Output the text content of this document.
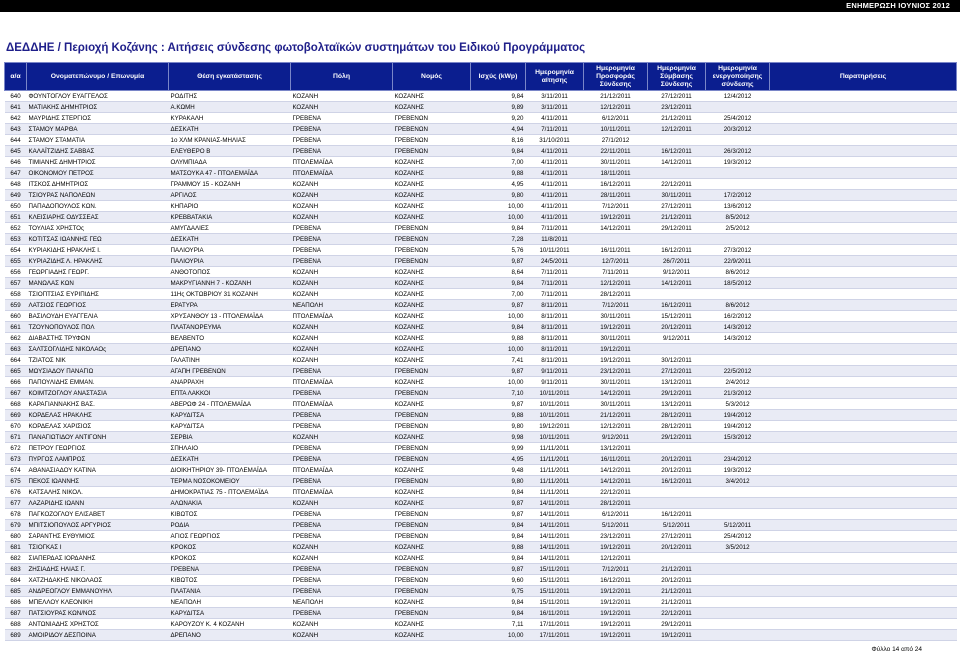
ΕΝΗΜΕΡΩΣΗ ΙΟΥΝΙΟΣ 2012
ΔΕΔΔΗΕ / Περιοχή Κοζάνης : Αιτήσεις σύνδεσης φωτοβολταϊκών συστημάτων του Ειδικού Προγράμματος
α/α	Ονοματεπώνυμο / Επωνυμία	Θέση εγκατάστασης	Πόλη	Νομός	Ισχύς (kWp)	Ημερομηνία αίτησης	Ημερομηνία Προσφοράς Σύνδεσης	Ημερομηνία Σύμβασης Σύνδεσης	Ημερομηνία ενεργοποίησης σύνδεσης	Παρατηρήσεις
640	ΦΟΥΝΤΟΓΛΟΥ ΕΥΑΓΓΕΛΟΣ	ΡΟΔΙΤΗΣ	ΚΟΖΑΝΗ	ΚΟΖΑΝΗΣ	9,84	3/11/2011	21/12/2011	27/12/2011	12/4/2012	
641	ΜΑΤΙΑΚΗΣ ΔΗΜΗΤΡΙΟΣ	Α.ΚΩΜΗ	ΚΟΖΑΝΗ	ΚΟΖΑΝΗΣ	9,89	3/11/2011	12/12/2011	23/12/2011		
642	ΜΑΥΡΙΔΗΣ ΣΤΕΡΓΙΟΣ	ΚΥΡΑΚΑΛΗ	ΓΡΕΒΕΝΑ	ΓΡΕΒΕΝΩΝ	9,20	4/11/2011	6/12/2011	21/12/2011	25/4/2012	
643	ΣΤΑΜΟΥ ΜΑΡΘΑ	ΔΕΣΚΑΤΗ	ΓΡΕΒΕΝΑ	ΓΡΕΒΕΝΩΝ	4,94	7/11/2011	10/11/2011	12/12/2011	20/3/2012	
644	ΣΤΑΜΟΥ ΣΤΑΜΑΤΙΑ	1ο ΧΛΜ ΚΡΑΝΙΑΣ-ΜΗΛΙΑΣ	ΓΡΕΒΕΝΑ	ΓΡΕΒΕΝΩΝ	8,16	31/10/2011	27/1/2012			
645	ΚΑΛΑΪΤΖΙΔΗΣ ΣΑΒΒΑΣ	ΕΛΕΥΘΕΡΟ Β	ΓΡΕΒΕΝΑ	ΓΡΕΒΕΝΩΝ	9,84	4/11/2011	22/11/2011	16/12/2011	26/3/2012	
646	ΤΙΜΙΑΝΗΣ ΔΗΜΗΤΡΙΟΣ	ΟΛΥΜΠΙΑΔΑ	ΠΤΟΛΕΜΑΪΔΑ	ΚΟΖΑΝΗΣ	7,00	4/11/2011	30/11/2011	14/12/2011	19/3/2012	
647	ΟΙΚΟΝΟΜΟΥ ΠΕΤΡΟΣ	ΜΑΤΣΟΥΚΑ 47 - ΠΤΟΛΕΜΑΪΔΑ	ΠΤΟΛΕΜΑΪΔΑ	ΚΟΖΑΝΗΣ	9,88	4/11/2011	18/11/2011			
648	ΙΤΣΚΟΣ ΔΗΜΗΤΡΙΟΣ	ΓΡΑΜΜΟΥ 15 - ΚΟΖΑΝΗ	ΚΟΖΑΝΗ	ΚΟΖΑΝΗΣ	4,95	4/11/2011	16/12/2011	22/12/2011		
649	ΤΣΙΟΥΡΑΣ ΝΑΠΟΛΕΩΝ	ΑΡΓΙΛΟΣ	ΚΟΖΑΝΗ	ΚΟΖΑΝΗΣ	9,80	4/11/2011	28/11/2011	30/11/2011	17/2/2012	
650	ΠΑΠΑΔΟΠΟΥΛΟΣ ΚΩΝ.	ΚΗΠΑΡΙΟ	ΚΟΖΑΝΗ	ΚΟΖΑΝΗΣ	10,00	4/11/2011	7/12/2011	27/12/2011	13/6/2012	
651	ΚΛΕΙΣΙΑΡΗΣ ΟΔΥΣΣΕΑΣ	ΚΡΕΒΒΑΤΑΚΙΑ	ΚΟΖΑΝΗ	ΚΟΖΑΝΗΣ	10,00	4/11/2011	19/12/2011	21/12/2011	8/5/2012	
652	ΤΟΥΛΙΑΣ ΧΡΗΣΤΟς	ΑΜΥΓΔΑΛΙΕΣ	ΓΡΕΒΕΝΑ	ΓΡΕΒΕΝΩΝ	9,84	7/11/2011	14/12/2011	29/12/2011	2/5/2012	
653	ΚΟΤΙΤΣΑΣ ΙΩΑΝΝΗΣ ΓΕΩ	ΔΕΣΚΑΤΗ	ΓΡΕΒΕΝΑ	ΓΡΕΒΕΝΩΝ	7,28	11/8/2011				
654	ΚΥΡΙΑΚΙΔΗΣ ΗΡΑΚΛΗΣ Ι.	ΠΑΛΙΟΥΡΙΑ	ΓΡΕΒΕΝΑ	ΓΡΕΒΕΝΩΝ	5,76	10/11/2011	16/11/2011	16/12/2011	27/3/2012	
655	ΚΥΡΙΑΖΙΔΗΣ Λ. ΗΡΑΚΛΗΣ	ΠΑΛΙΟΥΡΙΑ	ΓΡΕΒΕΝΑ	ΓΡΕΒΕΝΩΝ	9,87	24/5/2011	12/7/2011	26/7/2011	22/9/2011	
656	ΓΕΩΡΓΙΑΔΗΣ ΓΕΩΡΓ.	ΑΝΘΟΤΟΠΟΣ	ΚΟΖΑΝΗ	ΚΟΖΑΝΗΣ	8,64	7/11/2011	7/11/2011	9/12/2011	8/6/2012	
657	ΜΑΝΩΛΑΣ ΚΩΝ	ΜΑΚΡΥΓΙΑΝΝΗ 7 - ΚΟΖΑΝΗ	ΚΟΖΑΝΗ	ΚΟΖΑΝΗΣ	9,84	7/11/2011	12/12/2011	14/12/2011	18/5/2012	
658	ΤΣΙΟΠΤΣΙΑΣ ΕΥΡΙΠΙΔΗΣ	11Ης ΟΚΤΩΒΡΙΟΥ 31 ΚΟΖΑΝΗ	ΚΟΖΑΝΗ	ΚΟΖΑΝΗΣ	7,00	7/11/2011	28/12/2011			
659	ΛΑΤΣΙΟΣ ΓΕΩΡΓΙΟΣ	ΕΡΑΤΥΡΑ	ΝΕΑΠΟΛΗ	ΚΟΖΑΝΗΣ	9,87	8/11/2011	7/12/2011	16/12/2011	8/6/2012	
660	ΒΑΣΙΛΟΥΔΗ ΕΥΑΓΓΕΛΙΑ	ΧΡΥΣΑΝΘΟΥ 13 - ΠΤΟΛΕΜΑΪΔΑ	ΠΤΟΛΕΜΑΪΔΑ	ΚΟΖΑΝΗΣ	10,00	8/11/2011	30/11/2011	15/12/2011	16/2/2012	
661	ΤΖΟΥΝΟΠΟΥΛΟΣ ΠΟΛ	ΠΛΑΤΑΝΟΡΕΥΜΑ	ΚΟΖΑΝΗ	ΚΟΖΑΝΗΣ	9,84	8/11/2011	19/12/2011	20/12/2011	14/3/2012	
662	ΔΙΑΒΑΣΤΗΣ ΤΡΥΦΩΝ	ΒΕΛΒΕΝΤΟ	ΚΟΖΑΝΗ	ΚΟΖΑΝΗΣ	9,88	8/11/2011	30/11/2011	9/12/2011	14/3/2012	
663	ΣΑΛΤΣΟΓΛΙΔΗΣ ΝΙΚΟΛΑΟς	ΔΡΕΠΑΝΟ	ΚΟΖΑΝΗ	ΚΟΖΑΝΗΣ	10,00	8/11/2011	19/12/2011			
664	ΤΖΙΑΤΟΣ ΝΙΚ	ΓΑΛΑΤΙΝΗ	ΚΟΖΑΝΗ	ΚΟΖΑΝΗΣ	7,41	8/11/2011	19/12/2011	30/12/2011		
665	ΜΩΥΣΙΑΔΟΥ ΠΑΝΑΓΙΩ	ΑΓΑΠΗ ΓΡΕΒΕΝΩΝ	ΓΡΕΒΕΝΑ	ΓΡΕΒΕΝΩΝ	9,87	9/11/2011	23/12/2011	27/12/2011	22/5/2012	
666	ΠΑΠΟΥΛΙΔΗΣ ΕΜΜΑΝ.	ΑΝΑΡΡΑΧΗ	ΠΤΟΛΕΜΑΪΔΑ	ΚΟΖΑΝΗΣ	10,00	9/11/2011	30/11/2011	13/12/2011	2/4/2012	
667	ΚΟΙΜΤΖΟΓΛΟΥ ΑΝΑΣΤΑΣΙΑ	ΕΠΤΑ ΛΑΚΚΟΙ	ΓΡΕΒΕΝΑ	ΓΡΕΒΕΝΩΝ	7,10	10/11/2011	14/12/2011	29/12/2011	21/3/2012	
668	ΚΑΡΑΓΙΑΝΝΑΚΗΣ ΒΑΣ.	ΑΒΕΡΩΦ 24 - ΠΤΟΛΕΜΑΪΔΑ	ΠΤΟΛΕΜΑΪΔΑ	ΚΟΖΑΝΗΣ	9,87	10/11/2011	30/11/2011	13/12/2011	5/3/2012	
669	ΚΟΡΔΕΛΑΣ ΗΡΑΚΛΗΣ	ΚΑΡΥΔΙΤΣΑ	ΓΡΕΒΕΝΑ	ΓΡΕΒΕΝΩΝ	9,88	10/11/2011	21/12/2011	28/12/2011	19/4/2012	
670	ΚΟΡΔΕΛΑΣ ΧΑΡΙΣΙΟΣ	ΚΑΡΥΔΙΤΣΑ	ΓΡΕΒΕΝΑ	ΓΡΕΒΕΝΩΝ	9,80	19/12/2011	12/12/2011	28/12/2011	19/4/2012	
671	ΠΑΝΑΓΙΩΤΙΔΟΥ ΑΝΤΙΓΟΝΗ	ΣΕΡΒΙΑ	ΚΟΖΑΝΗ	ΚΟΖΑΝΗΣ	9,98	10/11/2011	9/12/2011	29/12/2011	15/3/2012	
672	ΠΕΤΡΟΥ ΓΕΩΡΓΙΟΣ	ΣΠΗΛΑΙΟ	ΓΡΕΒΕΝΑ	ΓΡΕΒΕΝΩΝ	9,99	11/11/2011	13/12/2011			
673	ΠΥΡΓΟΣ ΛΑΜΠΡΟΣ	ΔΕΣΚΑΤΗ	ΓΡΕΒΕΝΑ	ΓΡΕΒΕΝΩΝ	4,95	11/11/2011	16/11/2011	20/12/2011	23/4/2012	
674	ΑΘΑΝΑΣΙΑΔΟΥ ΚΑΤΙΝΑ	ΔΙΟΙΚΗΤΗΡΙΟΥ 39- ΠΤΟΛΕΜΑΪΔΑ	ΠΤΟΛΕΜΑΪΔΑ	ΚΟΖΑΝΗΣ	9,48	11/11/2011	14/12/2011	20/12/2011	19/3/2012	
675	ΠΕΚΟΣ ΙΩΑΝΝΗΣ	ΤΕΡΜΑ ΝΟΣΟΚΟΜΕΙΟΥ	ΓΡΕΒΕΝΑ	ΓΡΕΒΕΝΩΝ	9,80	11/11/2011	14/12/2011	16/12/2011	3/4/2012	
676	ΚΑΤΣΑΛΗΣ ΝΙΚΟΛ.	ΔΗΜΟΚΡΑΤΙΑΣ 75 - ΠΤΟΛΕΜΑΪΔΑ	ΠΤΟΛΕΜΑΪΔΑ	ΚΟΖΑΝΗΣ	9,84	11/11/2011	22/12/2011			
677	ΛΑΖΑΡΙΔΗΣ ΙΩΑΝΝ	ΑΛΩΝΑΚΙΑ	ΚΟΖΑΝΗ	ΚΟΖΑΝΗΣ	9,87	14/11/2011	28/12/2011			
678	ΠΑΓΚΟΖΟΓΛΟΥ ΕΛΙΣΑΒΕΤ	ΚΙΒΩΤΟΣ	ΓΡΕΒΕΝΑ	ΓΡΕΒΕΝΩΝ	9,87	14/11/2011	6/12/2011	16/12/2011		
679	ΜΠΙΤΣΙΟΠΟΥΛΟΣ ΑΡΓΥΡΙΟΣ	ΡΟΔΙΑ	ΓΡΕΒΕΝΑ	ΓΡΕΒΕΝΩΝ	9,84	14/11/2011	5/12/2011	5/12/2011	5/12/2011	
680	ΣΑΡΑΝΤΗΣ ΕΥΘΥΜΙΟΣ	ΑΓΙΟΣ ΓΕΩΡΓΙΟΣ	ΓΡΕΒΕΝΑ	ΓΡΕΒΕΝΩΝ	9,84	14/11/2011	23/12/2011	27/12/2011	25/4/2012	
681	ΤΣΙΟΓΚΑΣ Ι	ΚΡΟΚΟΣ	ΚΟΖΑΝΗ	ΚΟΖΑΝΗΣ	9,88	14/11/2011	19/12/2011	20/12/2011	3/5/2012	
682	ΣΙΑΠΕΡΔΑΣ ΙΟΡΔΑΝΗΣ	ΚΡΟΚΟΣ	ΚΟΖΑΝΗ	ΚΟΖΑΝΗΣ	9,84	14/11/2011	12/12/2011			
683	ΖΗΣΙΑΔΗΣ ΗΛΙΑΣ Γ.	ΓΡΕΒΕΝΑ	ΓΡΕΒΕΝΑ	ΓΡΕΒΕΝΩΝ	9,87	15/11/2011	7/12/2011	21/12/2011		
684	ΧΑΤΖΗΔΑΚΗΣ ΝΙΚΟΛΑΟΣ	ΚΙΒΩΤΟΣ	ΓΡΕΒΕΝΑ	ΓΡΕΒΕΝΩΝ	9,60	15/11/2011	16/12/2011	20/12/2011		
685	ΑΝΔΡΕΟΓΛΟΥ ΕΜΜΑΝΟΥΗΛ	ΠΛΑΤΑΝΙΑ	ΓΡΕΒΕΝΑ	ΓΡΕΒΕΝΩΝ	9,75	15/11/2011	19/12/2011	21/12/2011		
686	ΜΠΕΛΛΟΥ ΚΛΕΟΝΙΚΗ	ΝΕΑΠΟΛΗ	ΝΕΑΠΟΛΗ	ΚΟΖΑΝΗΣ	9,84	15/11/2011	19/12/2011	21/12/2011		
687	ΠΑΤΣΙΟΥΡΑΣ ΚΩΝ/ΝΟΣ	ΚΑΡΥΔΙΤΣΑ	ΓΡΕΒΕΝΑ	ΓΡΕΒΕΝΩΝ	9,84	16/11/2011	19/12/2011	22/12/2011		
688	ΑΝΤΩΝΙΑΔΗΣ ΧΡΗΣΤΟΣ	ΚΑΡΟΥΖΟΥ Κ. 4 ΚΟΖΑΝΗ	ΚΟΖΑΝΗ	ΚΟΖΑΝΗΣ	7,11	17/11/2011	19/12/2011	29/12/2011		
689	ΑΜΟΙΡΙΔΟΥ ΔΕΣΠΟΙΝΑ	ΔΡΕΠΑΝΟ	ΚΟΖΑΝΗ	ΚΟΖΑΝΗΣ	10,00	17/11/2011	19/12/2011	19/12/2011		
Φύλλο 14 από 24
